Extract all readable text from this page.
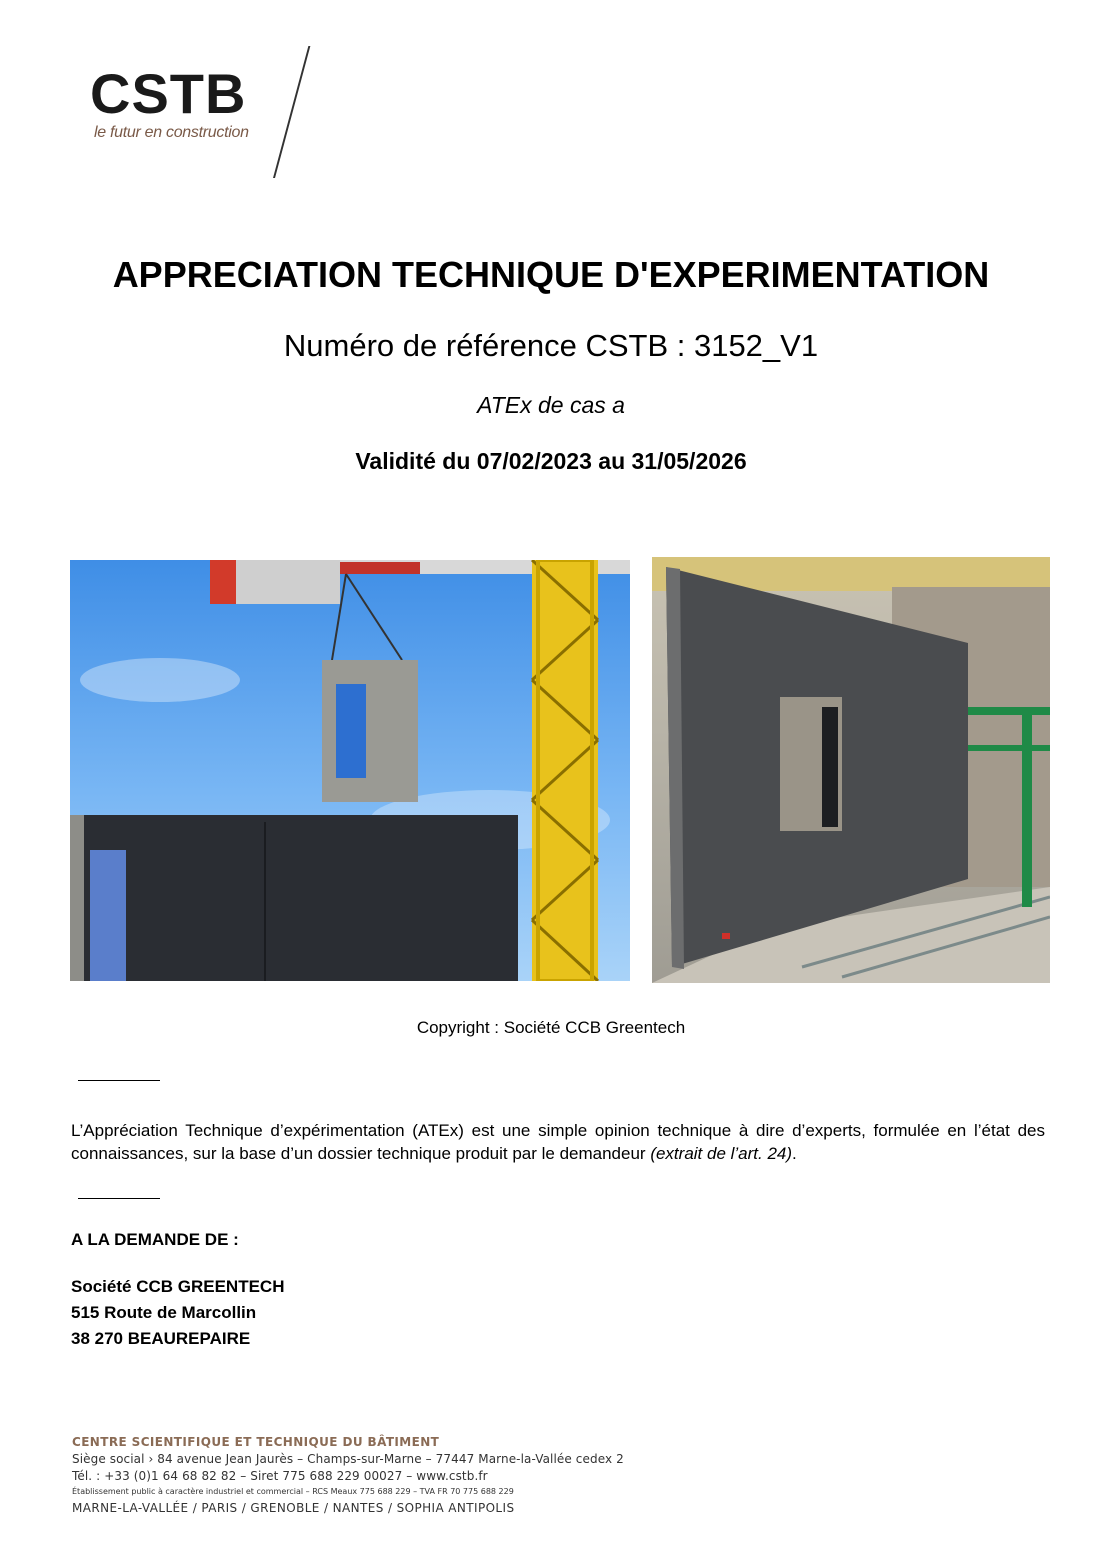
CSTB
le futur en construction
APPRECIATION TECHNIQUE D'EXPERIMENTATION
Numéro de référence CSTB : 3152_V1
ATEx de cas a
Validité du 07/02/2023 au 31/05/2026
Copyright : Société CCB Greentech
L’Appréciation Technique d’expérimentation (ATEx) est une simple opinion technique à dire d’experts, formulée en l’état des connaissances, sur la base d’un dossier technique produit par le demandeur (extrait de l’art. 24).
A LA DEMANDE DE :
Société CCB GREENTECH
515 Route de Marcollin
38 270 BEAUREPAIRE
CENTRE SCIENTIFIQUE ET TECHNIQUE DU BÂTIMENT
Siège social › 84 avenue Jean Jaurès – Champs-sur-Marne – 77447 Marne-la-Vallée cedex 2
Tél. : +33 (0)1 64 68 82 82 – Siret 775 688 229 00027 – www.cstb.fr
Établissement public à caractère industriel et commercial – RCS Meaux 775 688 229 – TVA FR 70 775 688 229
MARNE-LA-VALLÉE / PARIS / GRENOBLE / NANTES / SOPHIA ANTIPOLIS
